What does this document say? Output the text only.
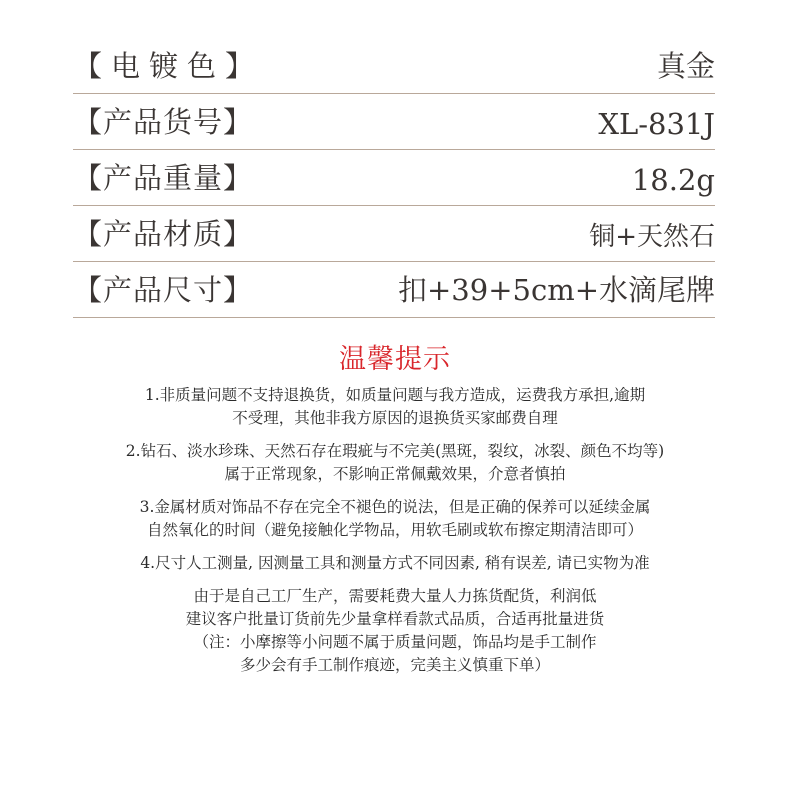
【电镀色】	真金
【产品货号】	XL-831J
【产品重量】	18.2g
【产品材质】	铜+天然石
【产品尺寸】	扣+39+5cm+水滴尾牌
温馨提示
1.非质量问题不支持退换货，如质量问题与我方造成，运费我方承担,逾期
不受理，其他非我方原因的退换货买家邮费自理
2.钻石、淡水珍珠、天然石存在瑕疵与不完美(黑斑，裂纹，冰裂、颜色不均等)
属于正常现象，不影响正常佩戴效果，介意者慎拍
3.金属材质对饰品不存在完全不褪色的说法，但是正确的保养可以延续金属
自然氧化的时间（避免接触化学物品，用软毛刷或软布擦定期清洁即可）
4.尺寸人工测量, 因测量工具和测量方式不同因素, 稍有误差, 请已实物为准
由于是自己工厂生产，需要耗费大量人力拣货配货，利润低
建议客户批量订货前先少量拿样看款式品质，合适再批量进货
（注：小摩擦等小问题不属于质量问题，饰品均是手工制作
多少会有手工制作痕迹，完美主义慎重下单）
